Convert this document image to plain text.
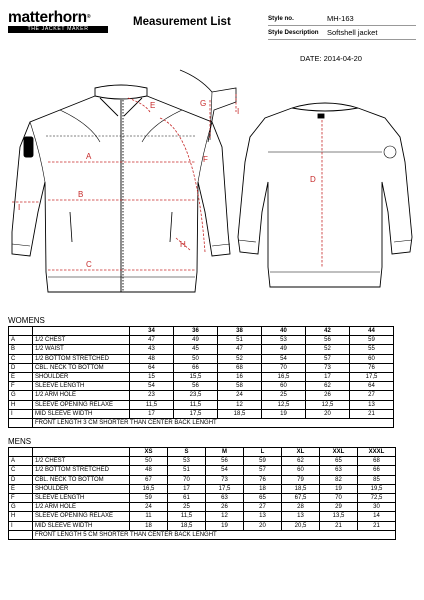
matterhorn®
THE JACKET MAKER
Measurement List	Style no.	MH-163
Style Description	Softshell jacket
DATE: 2014-04-20
A
B
C
D
E
F
G
H
I
I
WOMENS
		34	36	38	40	42	44
A	1/2 CHEST	47	49	51	53	56	59
B	1/2 WAIST	43	45	47	49	52	55
C	1/2 BOTTOM STRETCHED	48	50	52	54	57	60
D	CBL. NECK TO BOTTOM	64	66	68	70	73	76
E	SHOULDER	15	15,5	16	16,5	17	17,5
F	SLEEVE LENGTH	54	56	58	60	62	64
G	1/2 ARM HOLE	23	23,5	24	25	26	27
H	SLEEVE OPENING RELAXE	11,5	11,5	12	12,5	12,5	13
I	MID SLEEVE WIDTH	17	17,5	18,5	19	20	21
	FRONT LENGTH 3 CM SHORTER THAN CENTER BACK LENGHT						
MENS
		XS	S	M	L	XL	XXL	XXXL
A	1/2 CHEST	50	53	56	59	62	65	68
C	1/2 BOTTOM STRETCHED	48	51	54	57	60	63	66
D	CBL. NECK TO BOTTOM	67	70	73	76	79	82	85
E	SHOULDER	16,5	17	17,5	18	18,5	19	19,5
F	SLEEVE LENGTH	59	61	63	65	67,5	70	72,5
G	1/2 ARM HOLE	24	25	26	27	28	29	30
H	SLEEVE OPENING RELAXE	11	11,5	12	13	13	13,5	14
I	MID SLEEVE WIDTH	18	18,5	19	20	20,5	21	21
	FRONT LENGTH 5 CM SHORTER THAN CENTER BACK LENGHT							
